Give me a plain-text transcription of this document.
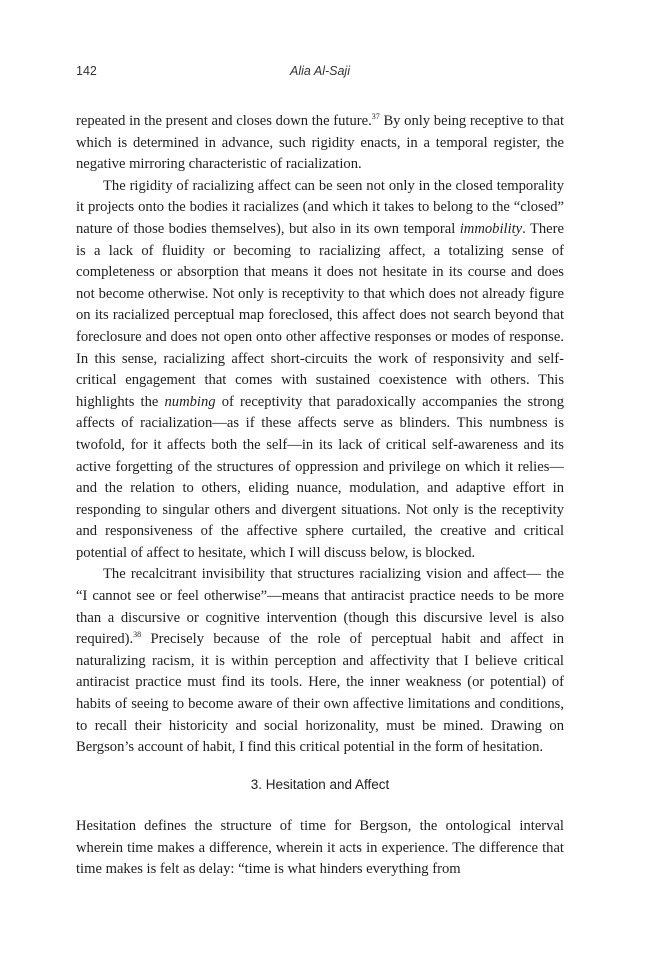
142	Alia Al-Saji

repeated in the present and closes down the future.$^{37}$ By only being receptive to that which is determined in advance, such rigidity enacts, in a temporal register, the negative mirroring characteristic of racialization.

The rigidity of racializing affect can be seen not only in the closed temporality it projects onto the bodies it racializes (and which it takes to belong to the “closed” nature of those bodies themselves), but also in its own temporal immobility. There is a lack of fluidity or becoming to racializing affect, a totalizing sense of completeness or absorption that means it does not hesitate in its course and does not become otherwise. Not only is receptivity to that which does not already figure on its racialized perceptual map foreclosed, this affect does not search beyond that foreclosure and does not open onto other affective responses or modes of response. In this sense, racializing affect short-circuits the work of responsivity and self-critical engagement that comes with sustained coexistence with others. This highlights the numbing of receptivity that paradoxically accompanies the strong affects of racialization—as if these affects serve as blinders. This numbness is twofold, for it affects both the self—in its lack of critical self-awareness and its active forgetting of the structures of oppression and privilege on which it relies— and the relation to others, eliding nuance, modulation, and adaptive effort in responding to singular others and divergent situations. Not only is the receptivity and responsiveness of the affective sphere curtailed, the creative and critical potential of affect to hesitate, which I will discuss below, is blocked.

The recalcitrant invisibility that structures racializing vision and affect— the “I cannot see or feel otherwise”—means that antiracist practice needs to be more than a discursive or cognitive intervention (though this discursive level is also required).$^{38}$ Precisely because of the role of perceptual habit and affect in naturalizing racism, it is within perception and affectivity that I believe critical antiracist practice must find its tools. Here, the inner weakness (or potential) of habits of seeing to become aware of their own affective limitations and conditions, to recall their historicity and social horizonality, must be mined. Drawing on Bergson’s account of habit, I find this critical potential in the form of hesitation.

3. Hesitation and Affect

Hesitation defines the structure of time for Bergson, the ontological interval wherein time makes a difference, wherein it acts in experience. The difference that time makes is felt as delay: “time is what hinders everything from
